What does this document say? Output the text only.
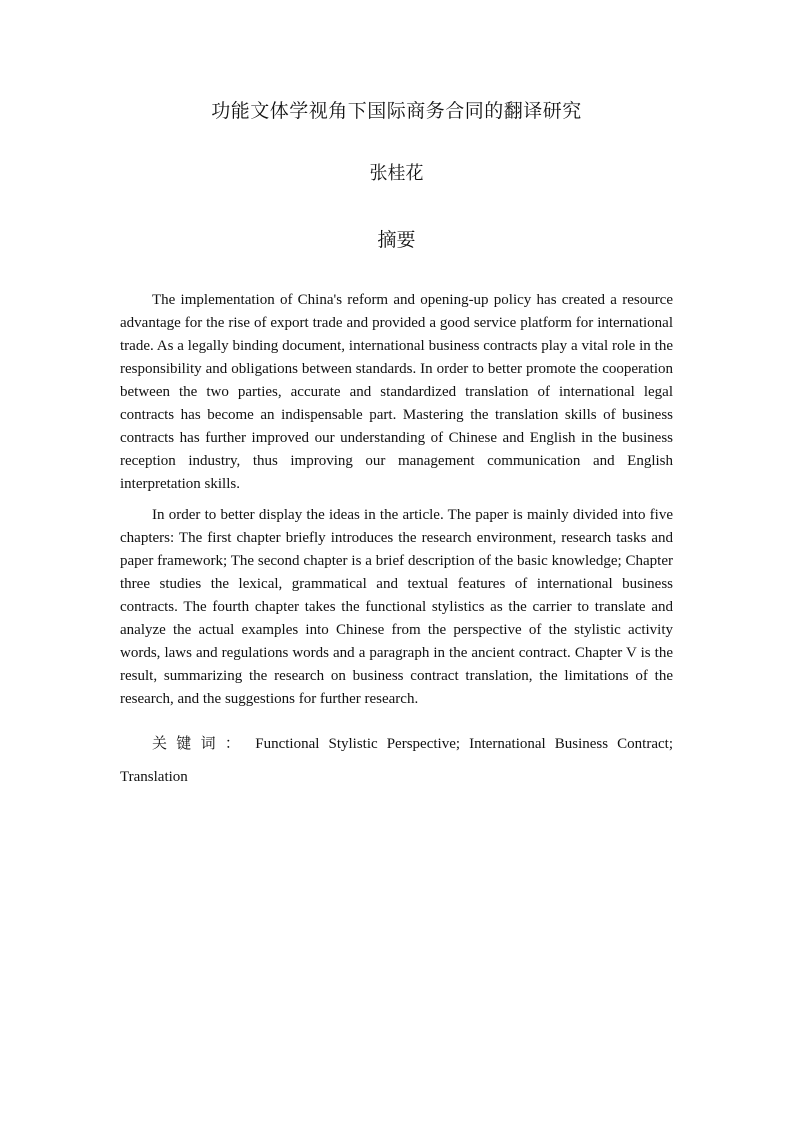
功能文体学视角下国际商务合同的翻译研究
张桂花
摘要

The implementation of China's reform and opening-up policy has created a resource advantage for the rise of export trade and provided a good service platform for international trade. As a legally binding document, international business contracts play a vital role in the responsibility and obligations between standards. In order to better promote the cooperation between the two parties, accurate and standardized translation of international legal contracts has become an indispensable part. Mastering the translation skills of business contracts has further improved our understanding of Chinese and English in the business reception industry, thus improving our management communication and English interpretation skills.

In order to better display the ideas in the article. The paper is mainly divided into five chapters: The first chapter briefly introduces the research environment, research tasks and paper framework; The second chapter is a brief description of the basic knowledge; Chapter three studies the lexical, grammatical and textual features of international business contracts. The fourth chapter takes the functional stylistics as the carrier to translate and analyze the actual examples into Chinese from the perspective of the stylistic activity words, laws and regulations words and a paragraph in the ancient contract. Chapter V is the result, summarizing the research on business contract translation, the limitations of the research, and the suggestions for further research.

关键词： Functional Stylistic Perspective; International Business Contract; Translation
